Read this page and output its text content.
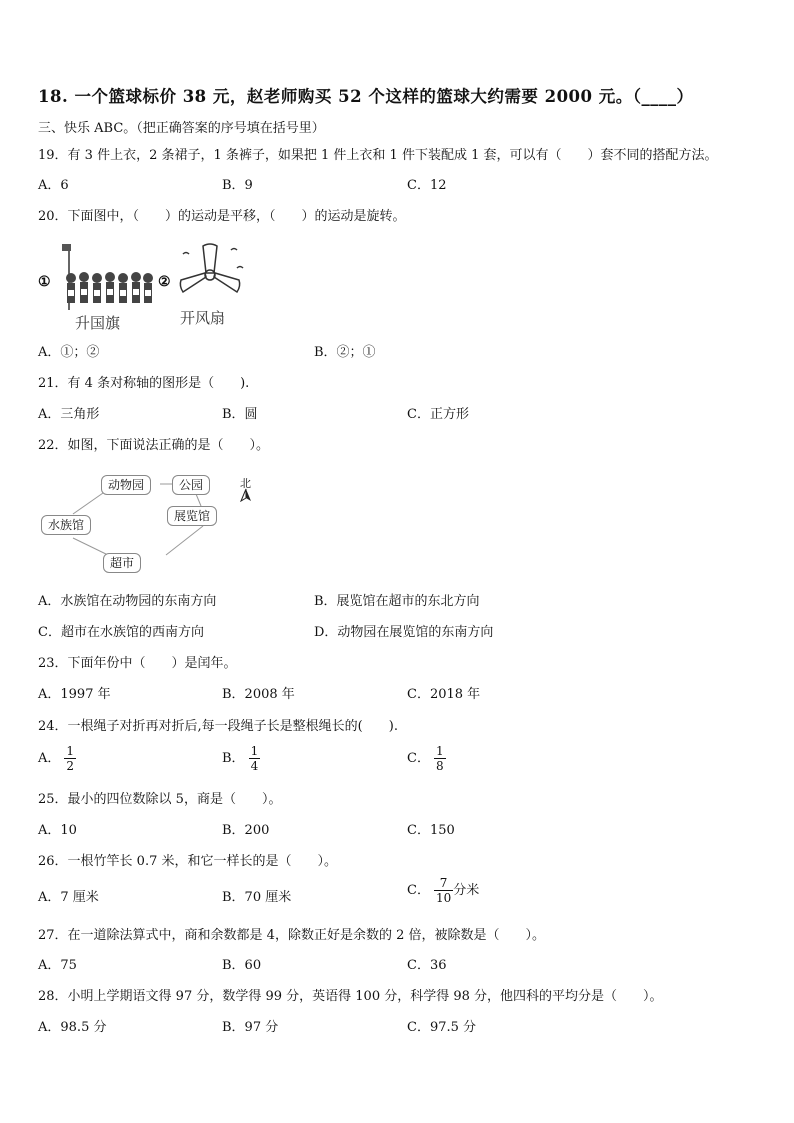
18. 一个篮球标价 38 元，赵老师购买 52 个这样的篮球大约需要 2000 元。（____）
三、快乐 ABC。（把正确答案的序号填在括号里）
19．有 3 件上衣，2 条裙子，1 条裤子，如果把 1 件上衣和 1 件下装配成 1 套，可以有（　　）套不同的搭配方法。
A．6	B．9	C．12
20．下面图中，（　　）的运动是平移，（　　）的运动是旋转。
①
升国旗
②
开风扇
A．①；②	B．②；①
21．有 4 条对称轴的图形是（　　).
A．三角形	B．圆	C．正方形
22．如图，下面说法正确的是（　　）。
动物园	公园
展览馆
水族馆
超市
北
A．水族馆在动物园的东南方向	B．展览馆在超市的东北方向
C．超市在水族馆的西南方向	D．动物园在展览馆的东南方向
23．下面年份中（　　）是闰年。
A．1997 年	B．2008 年	C．2018 年
24．一根绳子对折再对折后,每一段绳子长是整根绳长的(　　).
A． $\frac{1}{2}$	B． $\frac{1}{4}$	C． $\frac{1}{8}$
25．最小的四位数除以 5，商是（　　）。
A．10	B．200	C．150
26．一根竹竿长 0.7 米，和它一样长的是（　　）。
A．7 厘米	B．70 厘米	C． $\frac{7}{10}$ 分米
27．在一道除法算式中，商和余数都是 4，除数正好是余数的 2 倍，被除数是（　　）。
A．75	B．60	C．36
28．小明上学期语文得 97 分，数学得 99 分，英语得 100 分，科学得 98 分，他四科的平均分是（　　）。
A．98.5 分	B．97 分	C．97.5 分
